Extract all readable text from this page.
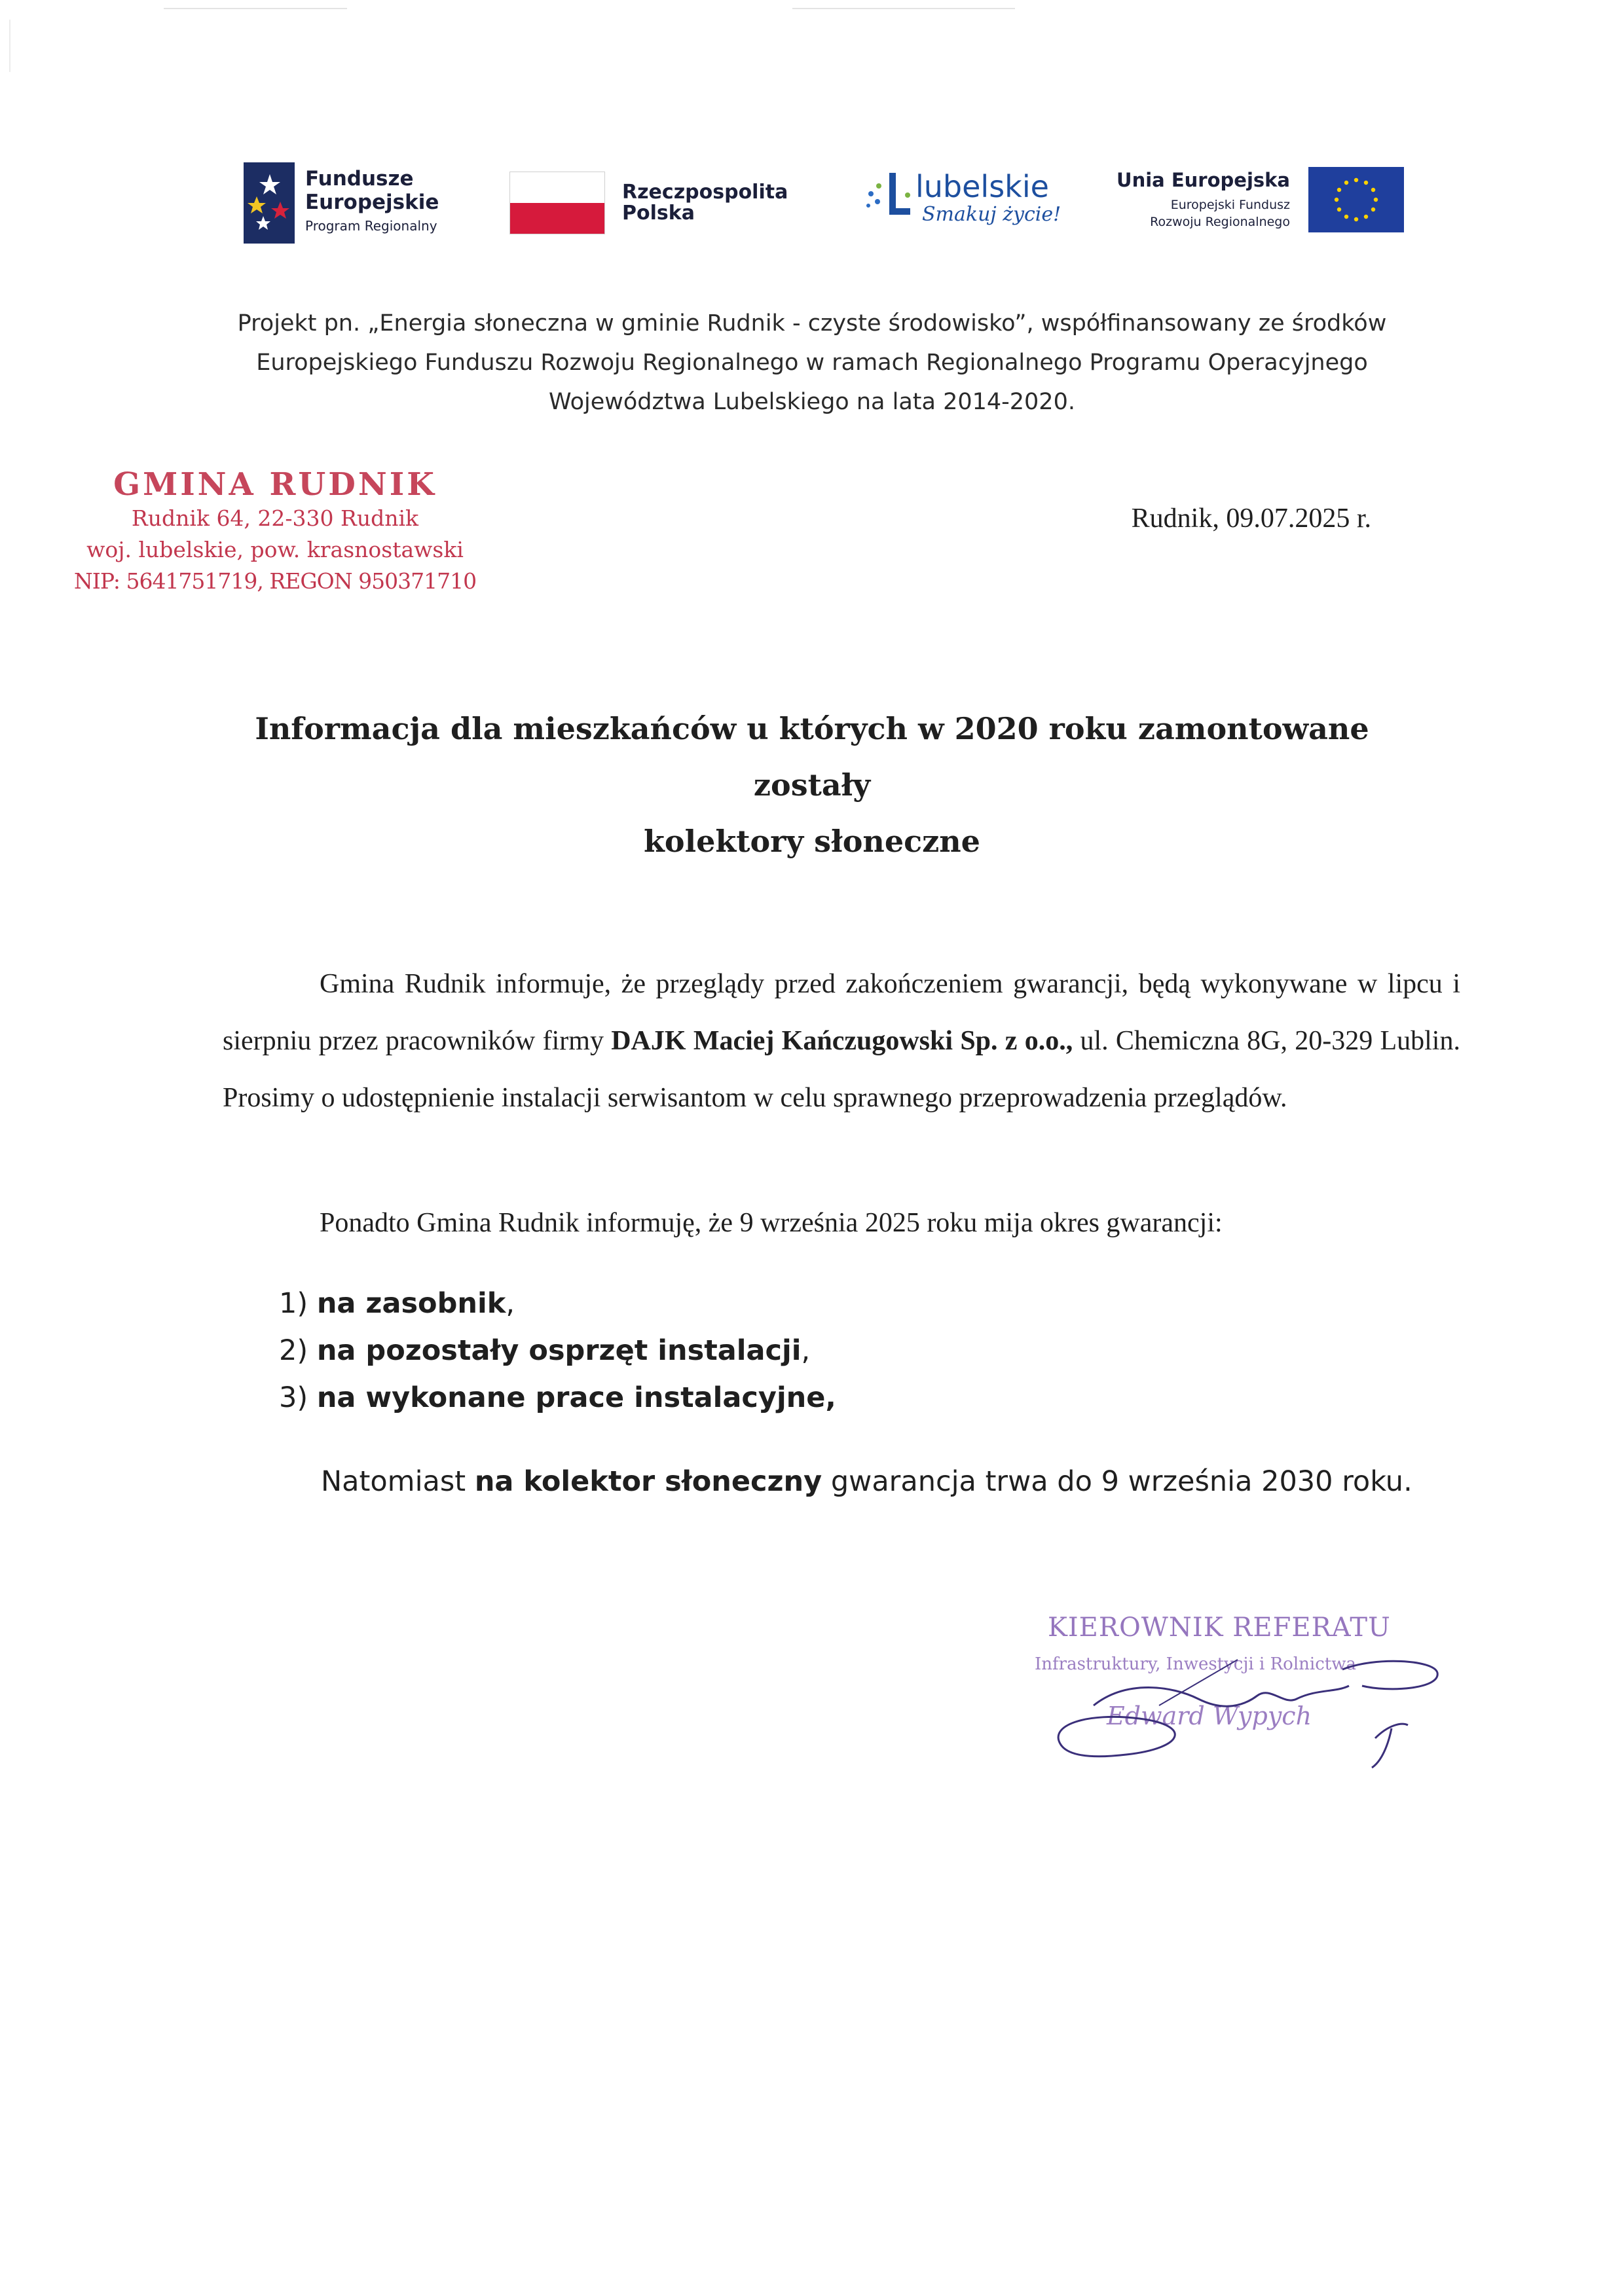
Fundusze
Europejskie
Program Regionalny
Rzeczpospolita
Polska
lubelskie
Smakuj życie!
Unia Europejska
Europejski Fundusz
Rozwoju Regionalnego
Projekt pn. „Energia słoneczna w gminie Rudnik - czyste środowisko”, współfinansowany ze środków
Europejskiego Funduszu Rozwoju Regionalnego w ramach Regionalnego Programu Operacyjnego
Województwa Lubelskiego na lata 2014-2020.
GMINA RUDNIK
Rudnik 64, 22-330 Rudnik
woj. lubelskie, pow. krasnostawski
NIP: 5641751719, REGON 950371710
Rudnik, 09.07.2025 r.
Informacja dla mieszkańców u których w 2020 roku zamontowane zostały
kolektory słoneczne
Gmina Rudnik informuje, że przeglądy przed zakończeniem gwarancji, będą wykonywane w lipcu i sierpniu przez pracowników firmy DAJK Maciej Kańczugowski Sp. z o.o., ul. Chemiczna 8G, 20-329 Lublin. Prosimy o udostępnienie instalacji serwisantom w celu sprawnego przeprowadzenia przeglądów.
Ponadto Gmina Rudnik informuję, że 9 września 2025 roku mija okres gwarancji:
1) na zasobnik,
2) na pozostały osprzęt instalacji,
3) na wykonane prace instalacyjne,
Natomiast na kolektor słoneczny gwarancja trwa do 9 września 2030 roku.
KIEROWNIK REFERATU
Infrastruktury, Inwestycji i Rolnictwa
Edward Wypych
